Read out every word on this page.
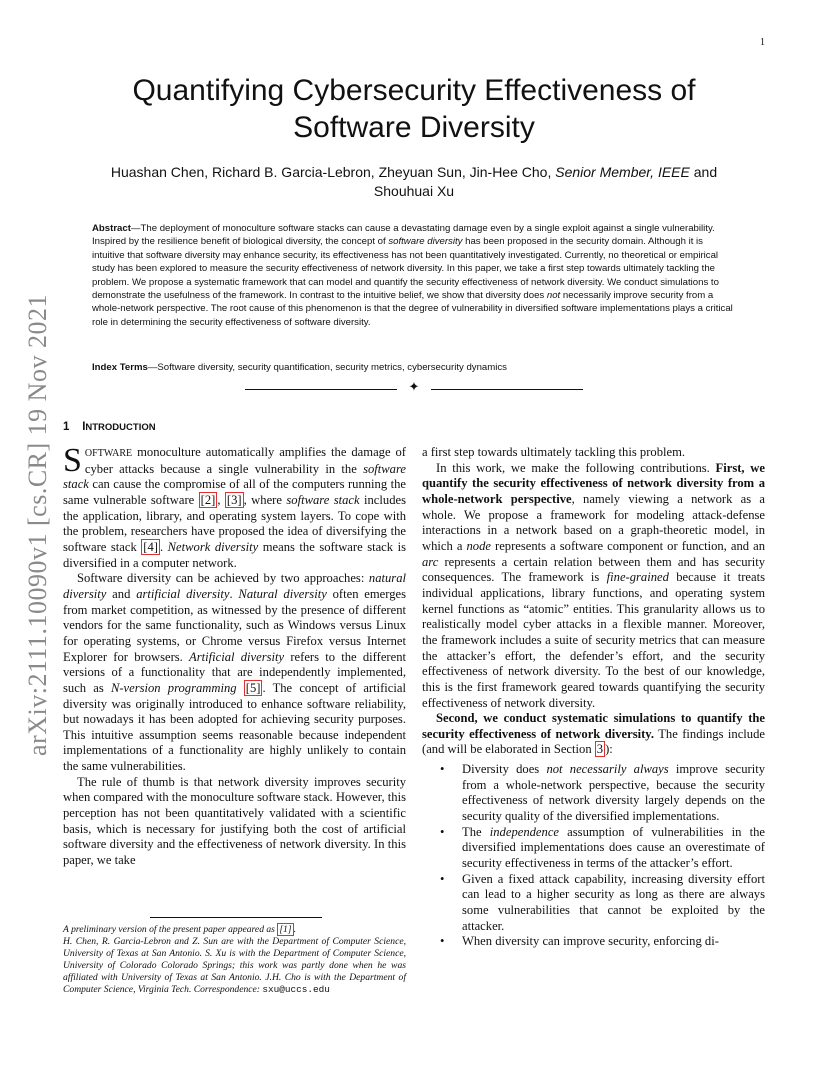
1
arXiv:2111.10090v1 [cs.CR] 19 Nov 2021
Quantifying Cybersecurity Effectiveness of Software Diversity
Huashan Chen, Richard B. Garcia-Lebron, Zheyuan Sun, Jin-Hee Cho, Senior Member, IEEE and Shouhuai Xu

Abstract—The deployment of monoculture software stacks can cause a devastating damage even by a single exploit against a single vulnerability. Inspired by the resilience benefit of biological diversity, the concept of software diversity has been proposed in the security domain. Although it is intuitive that software diversity may enhance security, its effectiveness has not been quantitatively investigated. Currently, no theoretical or empirical study has been explored to measure the security effectiveness of network diversity. In this paper, we take a first step towards ultimately tackling the problem. We propose a systematic framework that can model and quantify the security effectiveness of network diversity. We conduct simulations to demonstrate the usefulness of the framework. In contrast to the intuitive belief, we show that diversity does not necessarily improve security from a whole-network perspective. The root cause of this phenomenon is that the degree of vulnerability in diversified software implementations plays a critical role in determining the security effectiveness of software diversity.

Index Terms—Software diversity, security quantification, security metrics, cybersecurity dynamics

✦
1 INTRODUCTION

SOFTWARE monoculture automatically amplifies the damage of cyber attacks because a single vulnerability in the software stack can cause the compromise of all of the computers running the same vulnerable software [2] , [3] , where software stack includes the application, library, and operating system layers. To cope with the problem, researchers have proposed the idea of diversifying the software stack [4] . Network diversity means the software stack is diversified in a computer network.

Software diversity can be achieved by two approaches: natural diversity and artificial diversity. Natural diversity often emerges from market competition, as witnessed by the presence of different vendors for the same functionality, such as Windows versus Linux for operating systems, or Chrome versus Firefox versus Internet Explorer for browsers. Artificial diversity refers to the different versions of a functionality that are independently implemented, such as N-version programming [5] . The concept of artificial diversity was originally introduced to enhance software reliability, but nowadays it has been adopted for achieving security purposes. This intuitive assumption seems reasonable because independent implementations of a functionality are highly unlikely to contain the same vulnerabilities.

The rule of thumb is that network diversity improves security when compared with the monoculture software stack. However, this perception has not been quantitatively validated with a scientific basis, which is necessary for justifying both the cost of artificial software diversity and the effectiveness of network diversity. In this paper, we take

a first step towards ultimately tackling this problem.

In this work, we make the following contributions. First, we quantify the security effectiveness of network diversity from a whole-network perspective, namely viewing a network as a whole. We propose a framework for modeling attack-defense interactions in a network based on a graph-theoretic model, in which a node represents a software component or function, and an arc represents a certain relation between them and has security consequences. The framework is fine-grained because it treats individual applications, library functions, and operating system kernel functions as “atomic” entities. This granularity allows us to realistically model cyber attacks in a flexible manner. Moreover, the framework includes a suite of security metrics that can measure the attacker’s effort, the defender’s effort, and the security effectiveness of network diversity. To the best of our knowledge, this is the first framework geared towards quantifying the security effectiveness of network diversity.

Second, we conduct systematic simulations to quantify the security effectiveness of network diversity. The findings include (and will be elaborated in Section 3 ):

• Diversity does not necessarily always improve security from a whole-network perspective, because the security effectiveness of network diversity largely depends on the security quality of the diversified implementations.
• The independence assumption of vulnerabilities in the diversified implementations does cause an overestimate of security effectiveness in terms of the attacker’s effort.
• Given a fixed attack capability, increasing diversity effort can lead to a higher security as long as there are always some vulnerabilities that cannot be exploited by the attacker.
• When diversity can improve security, enforcing di-

A preliminary version of the present paper appeared as [1] .

H. Chen, R. Garcia-Lebron and Z. Sun are with the Department of Computer Science, University of Texas at San Antonio. S. Xu is with the Department of Computer Science, University of Colorado Colorado Springs; this work was partly done when he was affiliated with University of Texas at San Antonio. J.H. Cho is with the Department of Computer Science, Virginia Tech. Correspondence: sxu@uccs.edu
